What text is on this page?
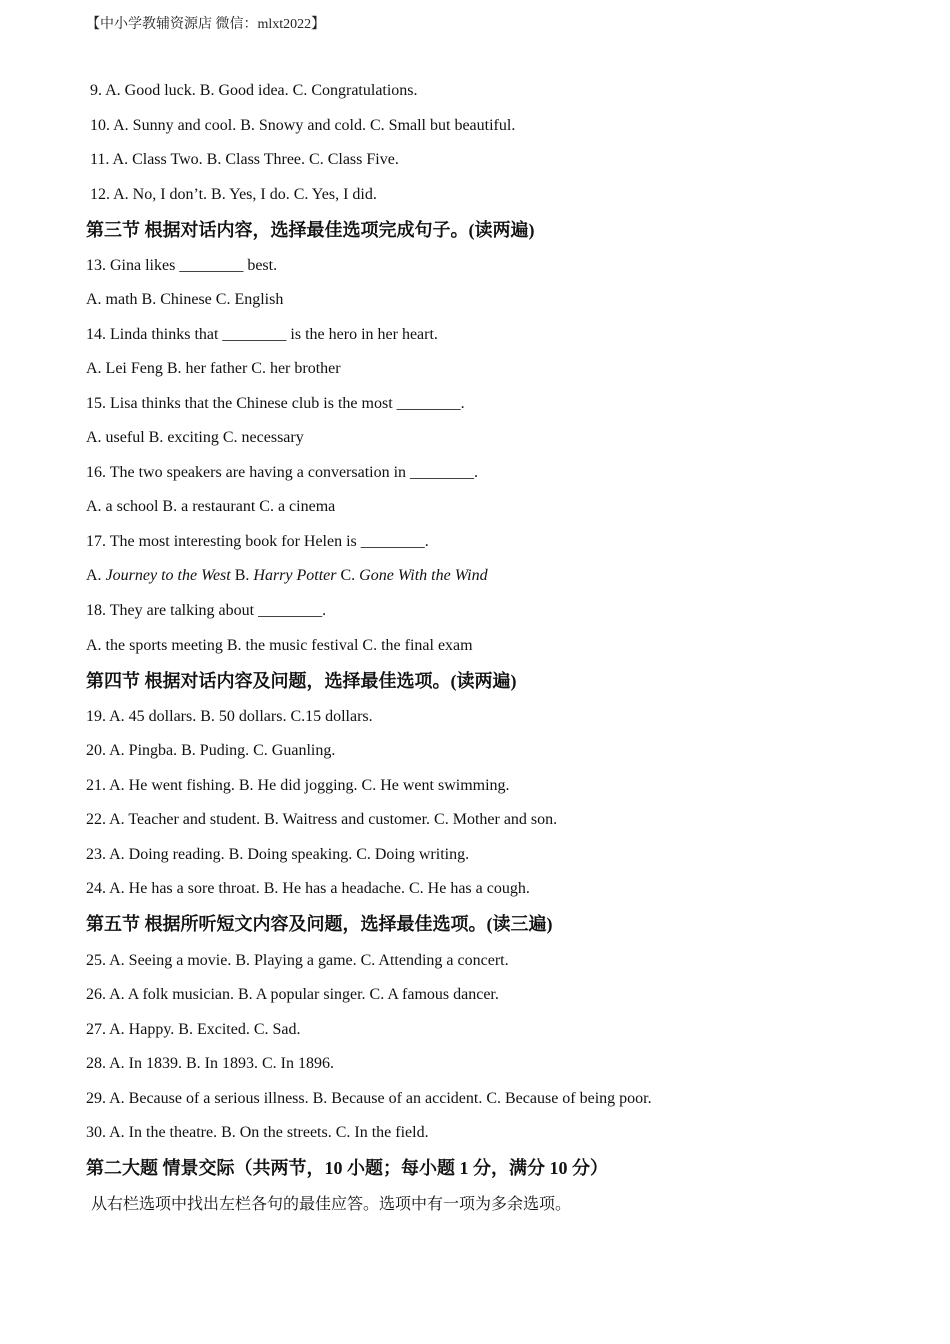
【中小学教辅资源店 微信：mlxt2022】
9. A. Good luck. B. Good idea. C. Congratulations.
10. A. Sunny and cool. B. Snowy and cold. C. Small but beautiful.
11. A. Class Two. B. Class Three. C. Class Five.
12. A. No, I don’t. B. Yes, I do. C. Yes, I did.
第三节 根据对话内容，选择最佳选项完成句子。(读两遍)
13. Gina likes ________ best.
A. math B. Chinese C. English
14. Linda thinks that ________ is the hero in her heart.
A. Lei Feng B. her father C. her brother
15. Lisa thinks that the Chinese club is the most ________.
A. useful B. exciting C. necessary
16. The two speakers are having a conversation in ________.
A. a school B. a restaurant C. a cinema
17. The most interesting book for Helen is ________.
A. Journey to the West B. Harry Potter C. Gone With the Wind
18. They are talking about ________.
A. the sports meeting B. the music festival C. the final exam
第四节 根据对话内容及问题，选择最佳选项。(读两遍)
19. A. 45 dollars. B. 50 dollars. C.15 dollars.
20. A. Pingba. B. Puding. C. Guanling.
21. A. He went fishing. B. He did jogging. C. He went swimming.
22. A. Teacher and student. B. Waitress and customer. C. Mother and son.
23. A. Doing reading. B. Doing speaking. C. Doing writing.
24. A. He has a sore throat. B. He has a headache. C. He has a cough.
第五节 根据所听短文内容及问题，选择最佳选项。(读三遍)
25. A. Seeing a movie. B. Playing a game. C. Attending a concert.
26. A. A folk musician. B. A popular singer. C. A famous dancer.
27. A. Happy. B. Excited. C. Sad.
28. A. In 1839. B. In 1893. C. In 1896.
29. A. Because of a serious illness. B. Because of an accident. C. Because of being poor.
30. A. In the theatre. B. On the streets. C. In the field.
第二大题 情景交际（共两节，10 小题；每小题 1 分，满分 10 分）
从右栏选项中找出左栏各句的最佳应答。选项中有一项为多余选项。
